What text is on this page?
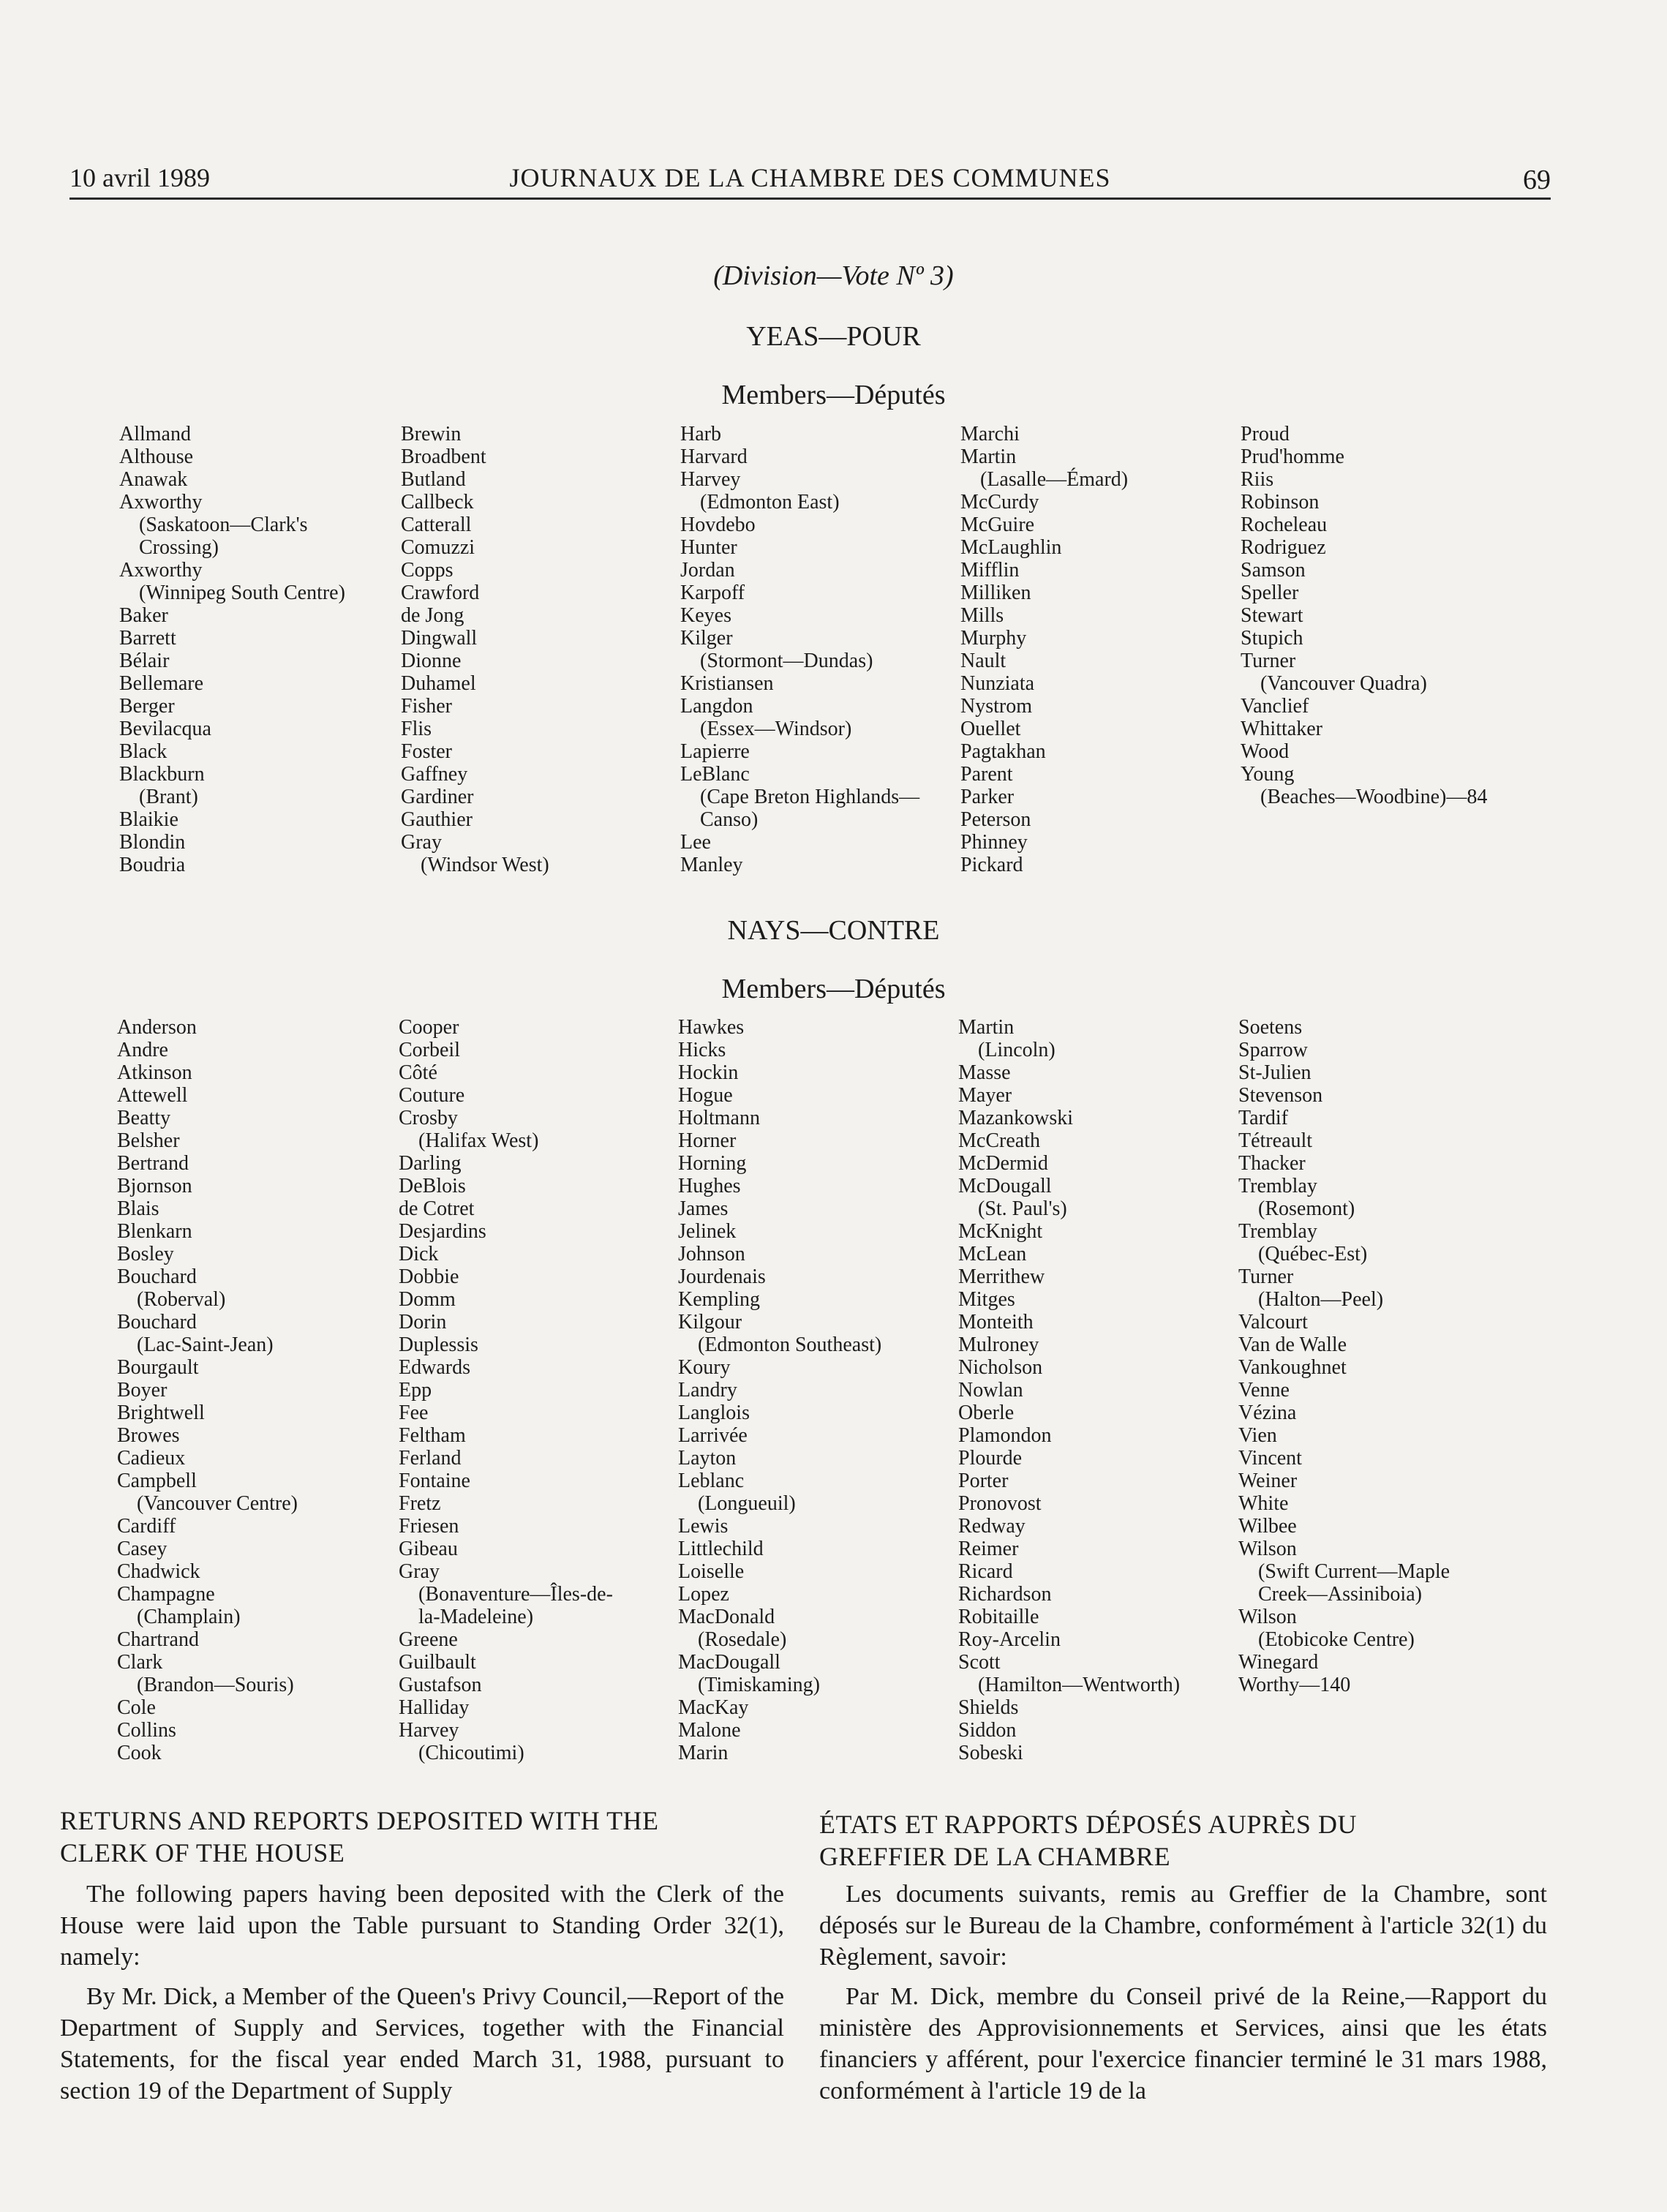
10 avril 1989	JOURNAUX DE LA CHAMBRE DES COMMUNES	69
(Division—Vote Nº 3)
YEAS—POUR
Members—Députés
Allmand
Althouse
Anawak
Axworthy
(Saskatoon—Clark's
Crossing)
Axworthy
(Winnipeg South Centre)
Baker
Barrett
Bélair
Bellemare
Berger
Bevilacqua
Black
Blackburn
(Brant)
Blaikie
Blondin
Boudria
Brewin
Broadbent
Butland
Callbeck
Catterall
Comuzzi
Copps
Crawford
de Jong
Dingwall
Dionne
Duhamel
Fisher
Flis
Foster
Gaffney
Gardiner
Gauthier
Gray
(Windsor West)
Harb
Harvard
Harvey
(Edmonton East)
Hovdebo
Hunter
Jordan
Karpoff
Keyes
Kilger
(Stormont—Dundas)
Kristiansen
Langdon
(Essex—Windsor)
Lapierre
LeBlanc
(Cape Breton Highlands—
Canso)
Lee
Manley
Marchi
Martin
(Lasalle—Émard)
McCurdy
McGuire
McLaughlin
Mifflin
Milliken
Mills
Murphy
Nault
Nunziata
Nystrom
Ouellet
Pagtakhan
Parent
Parker
Peterson
Phinney
Pickard
Proud
Prud'homme
Riis
Robinson
Rocheleau
Rodriguez
Samson
Speller
Stewart
Stupich
Turner
(Vancouver Quadra)
Vanclief
Whittaker
Wood
Young
(Beaches—Woodbine)—84
NAYS—CONTRE
Members—Députés
Anderson
Andre
Atkinson
Attewell
Beatty
Belsher
Bertrand
Bjornson
Blais
Blenkarn
Bosley
Bouchard
(Roberval)
Bouchard
(Lac-Saint-Jean)
Bourgault
Boyer
Brightwell
Browes
Cadieux
Campbell
(Vancouver Centre)
Cardiff
Casey
Chadwick
Champagne
(Champlain)
Chartrand
Clark
(Brandon—Souris)
Cole
Collins
Cook
Cooper
Corbeil
Côté
Couture
Crosby
(Halifax West)
Darling
DeBlois
de Cotret
Desjardins
Dick
Dobbie
Domm
Dorin
Duplessis
Edwards
Epp
Fee
Feltham
Ferland
Fontaine
Fretz
Friesen
Gibeau
Gray
(Bonaventure—Îles-de-
la-Madeleine)
Greene
Guilbault
Gustafson
Halliday
Harvey
(Chicoutimi)
Hawkes
Hicks
Hockin
Hogue
Holtmann
Horner
Horning
Hughes
James
Jelinek
Johnson
Jourdenais
Kempling
Kilgour
(Edmonton Southeast)
Koury
Landry
Langlois
Larrivée
Layton
Leblanc
(Longueuil)
Lewis
Littlechild
Loiselle
Lopez
MacDonald
(Rosedale)
MacDougall
(Timiskaming)
MacKay
Malone
Marin
Martin
(Lincoln)
Masse
Mayer
Mazankowski
McCreath
McDermid
McDougall
(St. Paul's)
McKnight
McLean
Merrithew
Mitges
Monteith
Mulroney
Nicholson
Nowlan
Oberle
Plamondon
Plourde
Porter
Pronovost
Redway
Reimer
Ricard
Richardson
Robitaille
Roy-Arcelin
Scott
(Hamilton—Wentworth)
Shields
Siddon
Sobeski
Soetens
Sparrow
St-Julien
Stevenson
Tardif
Tétreault
Thacker
Tremblay
(Rosemont)
Tremblay
(Québec-Est)
Turner
(Halton—Peel)
Valcourt
Van de Walle
Vankoughnet
Venne
Vézina
Vien
Vincent
Weiner
White
Wilbee
Wilson
(Swift Current—Maple
Creek—Assiniboia)
Wilson
(Etobicoke Centre)
Winegard
Worthy—140
RETURNS AND REPORTS DEPOSITED WITH THE
CLERK OF THE HOUSE
The following papers having been deposited with the Clerk of the House were laid upon the Table pursuant to Standing Order 32(1), namely:
By Mr. Dick, a Member of the Queen's Privy Council,—Report of the Department of Supply and Services, together with the Financial Statements, for the fiscal year ended March 31, 1988, pursuant to section 19 of the Department of Supply
ÉTATS ET RAPPORTS DÉPOSÉS AUPRÈS DU
GREFFIER DE LA CHAMBRE
Les documents suivants, remis au Greffier de la Chambre, sont déposés sur le Bureau de la Chambre, conformément à l'article 32(1) du Règlement, savoir:
Par M. Dick, membre du Conseil privé de la Reine,—Rapport du ministère des Approvisionnements et Services, ainsi que les états financiers y afférent, pour l'exercice financier terminé le 31 mars 1988, conformément à l'article 19 de la
